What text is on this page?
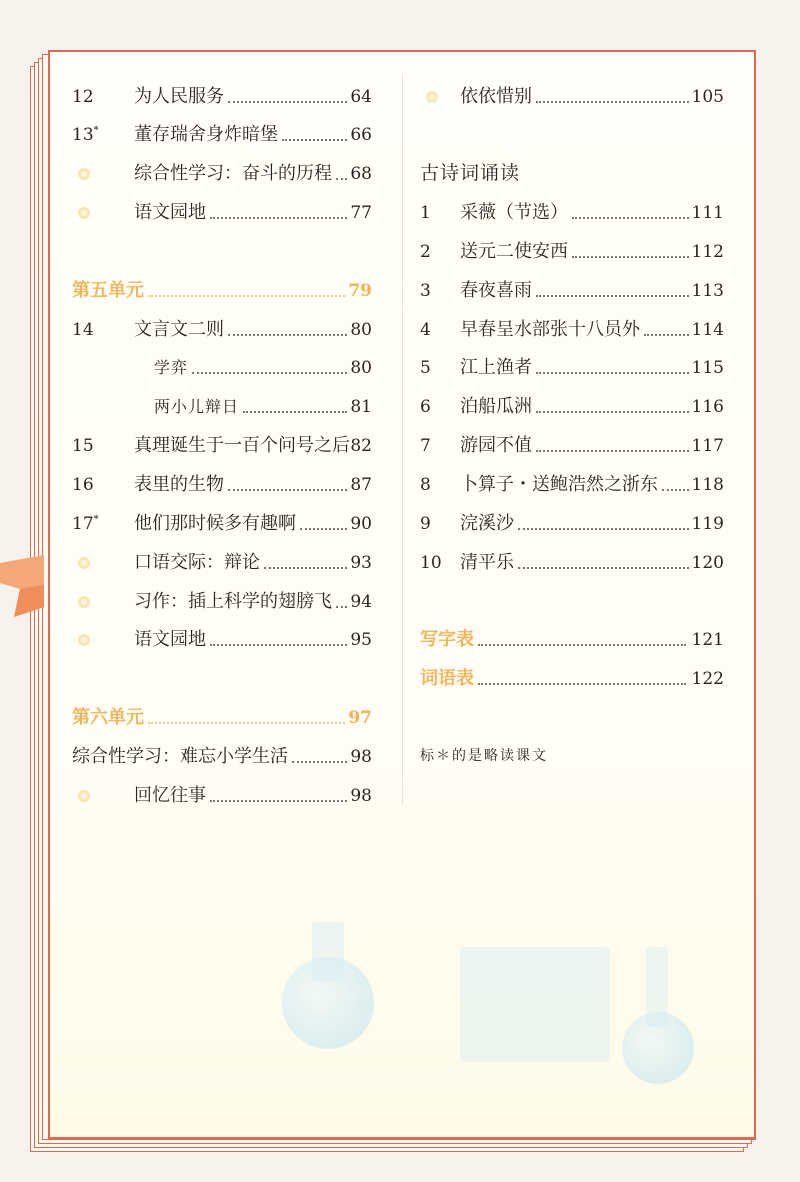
12	为人民服务	64
13*	董存瑞舍身炸暗堡	66
综合性学习：奋斗的历程 68
语文园地	77
第五单元	79
14	文言文二则	80
学弈	80
两小儿辩日	81
15	真理诞生于一百个问号之后 82
16	表里的生物	87
17*	他们那时候多有趣啊	90
口语交际：辩论	93
习作：插上科学的翅膀飞 94
语文园地	95
第六单元	97
综合性学习：难忘小学生活	98
回忆往事	98
古诗词诵读
依依惜别	105
1	采薇（节选）	111
2	送元二使安西	112
3	春夜喜雨	113
4	早春呈水部张十八员外	114
5	江上渔者	115
6	泊船瓜洲	116
7	游园不值	117
8	卜算子・送鲍浩然之浙东 118
9	浣溪沙	119
10	清平乐	120
写字表	121
词语表	122
标＊的是略读课文
